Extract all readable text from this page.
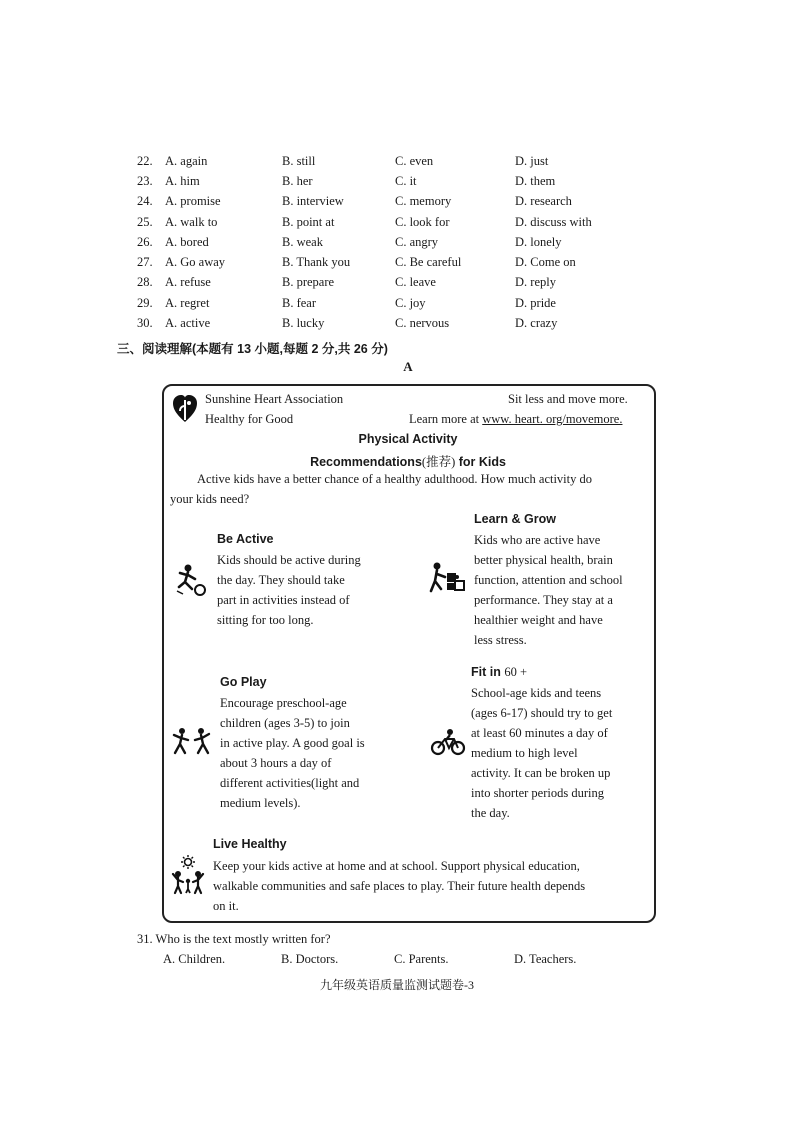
22. A. again	B. still	C. even	D. just
23. A. him	B. her	C. it	D. them
24. A. promise	B. interview	C. memory	D. research
25. A. walk to	B. point at	C. look for	D. discuss with
26. A. bored	B. weak	C. angry	D. lonely
27. A. Go away	B. Thank you	C. Be careful	D. Come on
28. A. refuse	B. prepare	C. leave	D. reply
29. A. regret	B. fear	C. joy	D. pride
30. A. active	B. lucky	C. nervous	D. crazy
三、阅读理解(本题有 13 小题,每题 2 分,共 26 分)
A
Sunshine Heart Association
Healthy for Good
Sit less and move more.
Learn more at www. heart. org/movemore.
Physical Activity
Recommendations(推荐) for Kids
Active kids have a better chance of a healthy adulthood. How much activity do
your kids need?
Be Active
Kids should be active during
the day. They should take
part in activities instead of
sitting for too long.
Learn & Grow
Kids who are active have
better physical health, brain
function, attention and school
performance. They stay at a
healthier weight and have
less stress.
Go Play
Encourage preschool-age
children (ages 3-5) to join
in active play. A good goal is
about 3 hours a day of
different activities(light and
medium levels).
Fit in 60 +
School-age kids and teens
(ages 6-17) should try to get
at least 60 minutes a day of
medium to high level
activity. It can be broken up
into shorter periods during
the day.
Live Healthy
Keep your kids active at home and at school. Support physical education,
walkable communities and safe places to play. Their future health depends
on it.
31. Who is the text mostly written for?
A. Children.	B. Doctors.	C. Parents.	D. Teachers.
九年级英语质量监测试题卷-3
